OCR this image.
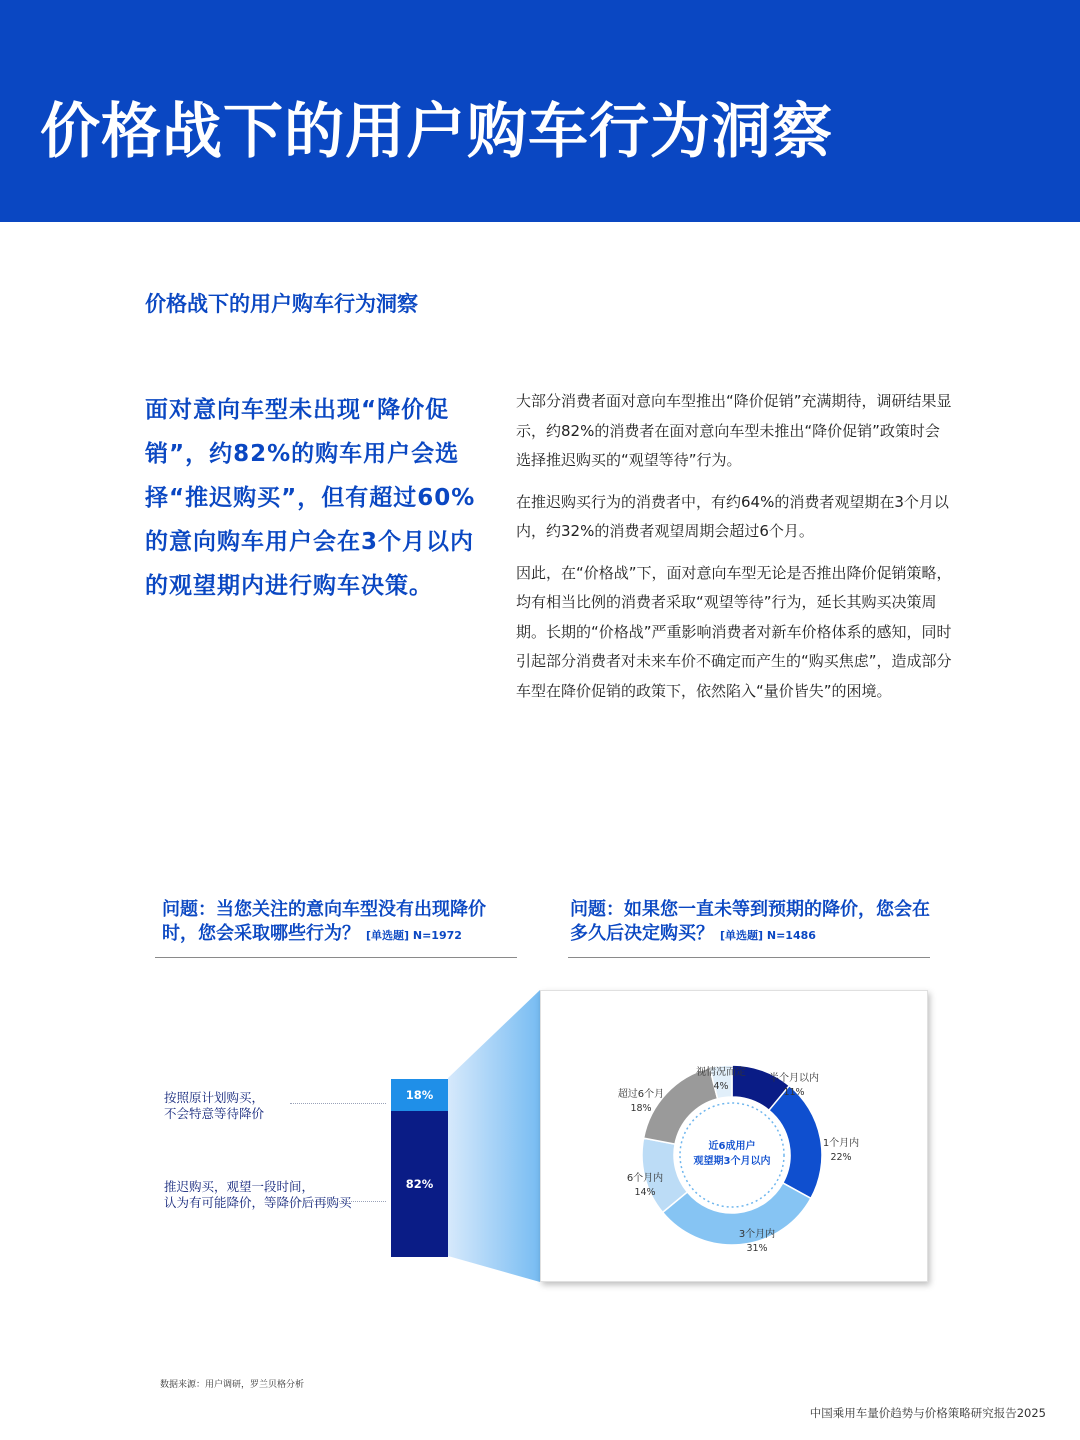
价格战下的用户购车行为洞察
价格战下的用户购车行为洞察
面对意向车型未出现“降价促销”，约82%的购车用户会选择“推迟购买”，但有超过60%的意向购车用户会在3个月以内的观望期内进行购车决策。

大部分消费者面对意向车型推出“降价促销”充满期待，调研结果显示，约82%的消费者在面对意向车型未推出“降价促销”政策时会选择推迟购买的“观望等待”行为。

在推迟购买行为的消费者中，有约64%的消费者观望期在3个月以内，约32%的消费者观望周期会超过6个月。

因此，在“价格战”下，面对意向车型无论是否推出降价促销策略，均有相当比例的消费者采取“观望等待”行为，延长其购买决策周期。长期的“价格战”严重影响消费者对新车价格体系的感知，同时引起部分消费者对未来车价不确定而产生的“购买焦虑”，造成部分车型在降价促销的政策下，依然陷入“量价皆失”的困境。

问题：当您关注的意向车型没有出现降价时，您会采取哪些行为？ [单选题] N=1972
问题：如果您一直未等到预期的降价，您会在多久后决定购买？ [单选题] N=1486
按照原计划购买，
不会特意等待降价
推迟购买，观望一段时间，
认为有可能降价，等降价后再购买
18%
82%
近6成用户
观望期3个月以内
半个月以内
11%
1个月内
22%
3个月内
31%
6个月内
14%
超过6个月
18%
视情况而定
4%
数据来源：用户调研，罗兰贝格分析
中国乘用车量价趋势与价格策略研究报告2025
